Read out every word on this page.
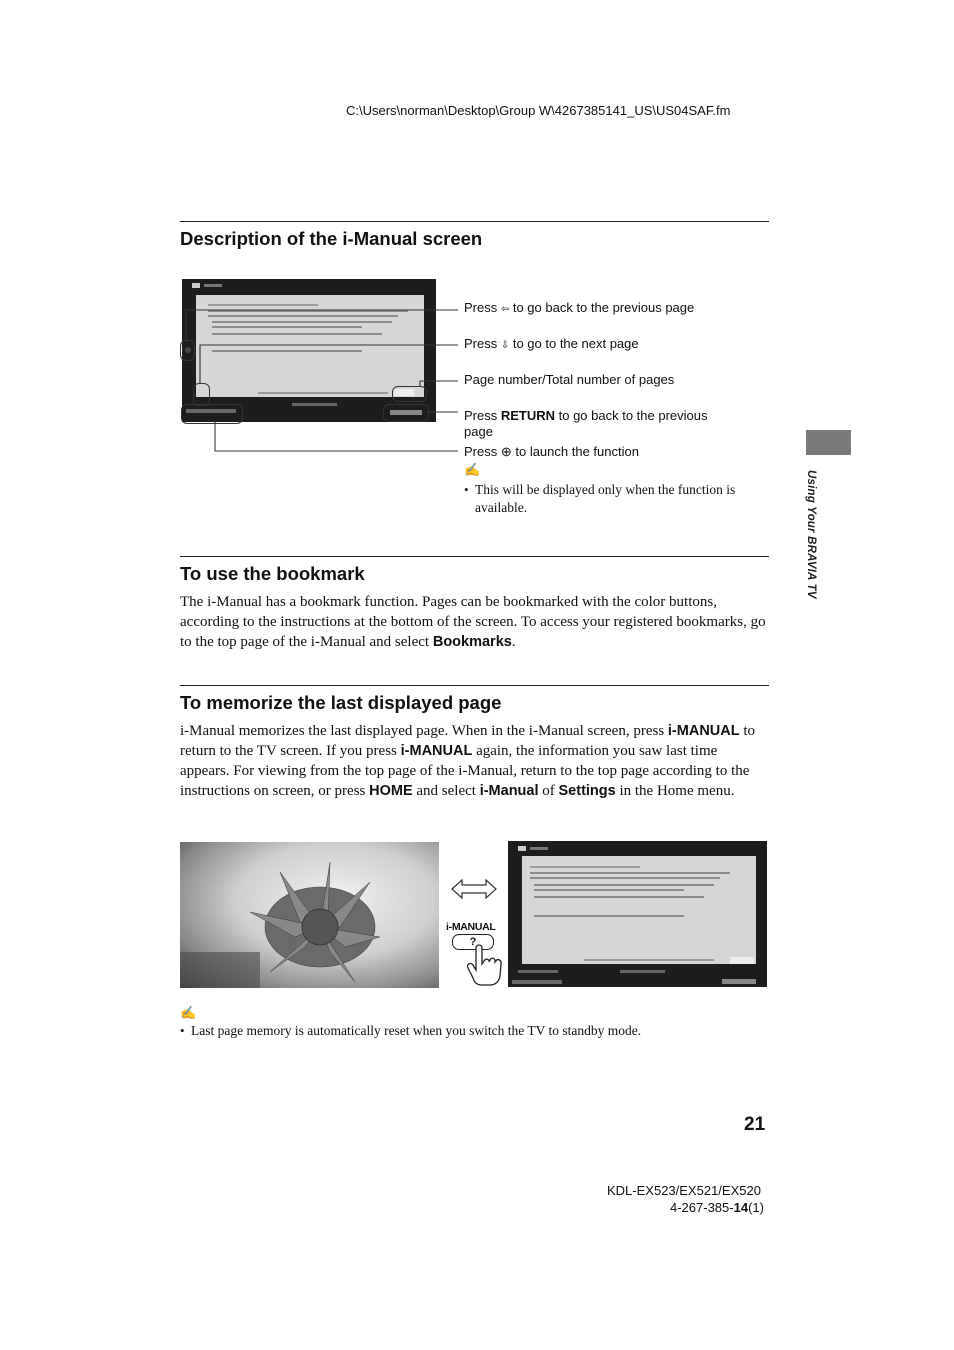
C:\Users\norman\Desktop\Group W\4267385141_US\US04SAF.fm
Description of the i-Manual screen
Press ⇦ to go back to the previous page
Press ⇩ to go to the next page
Page number/Total number of pages
Press RETURN to go back to the previous page
Press ⊕ to launch the function
✍
• This will be displayed only when the function is available.
To use the bookmark
The i-Manual has a bookmark function. Pages can be bookmarked with the color buttons, according to the instructions at the bottom of the screen. To access your registered bookmarks, go to the top page of the i-Manual and select Bookmarks.
To memorize the last displayed page
i-Manual memorizes the last displayed page. When in the i-Manual screen, press i-MANUAL to return to the TV screen. If you press i-MANUAL again, the information you saw last time appears. For viewing from the top page of the i-Manual, return to the top page according to the instructions on screen, or press HOME and select i-Manual of Settings in the Home menu.
i-MANUAL
?
✍
• Last page memory is automatically reset when you switch the TV to standby mode.
Using Your BRAVIA TV
21
KDL-EX523/EX521/EX520
4-267-385-14(1)
